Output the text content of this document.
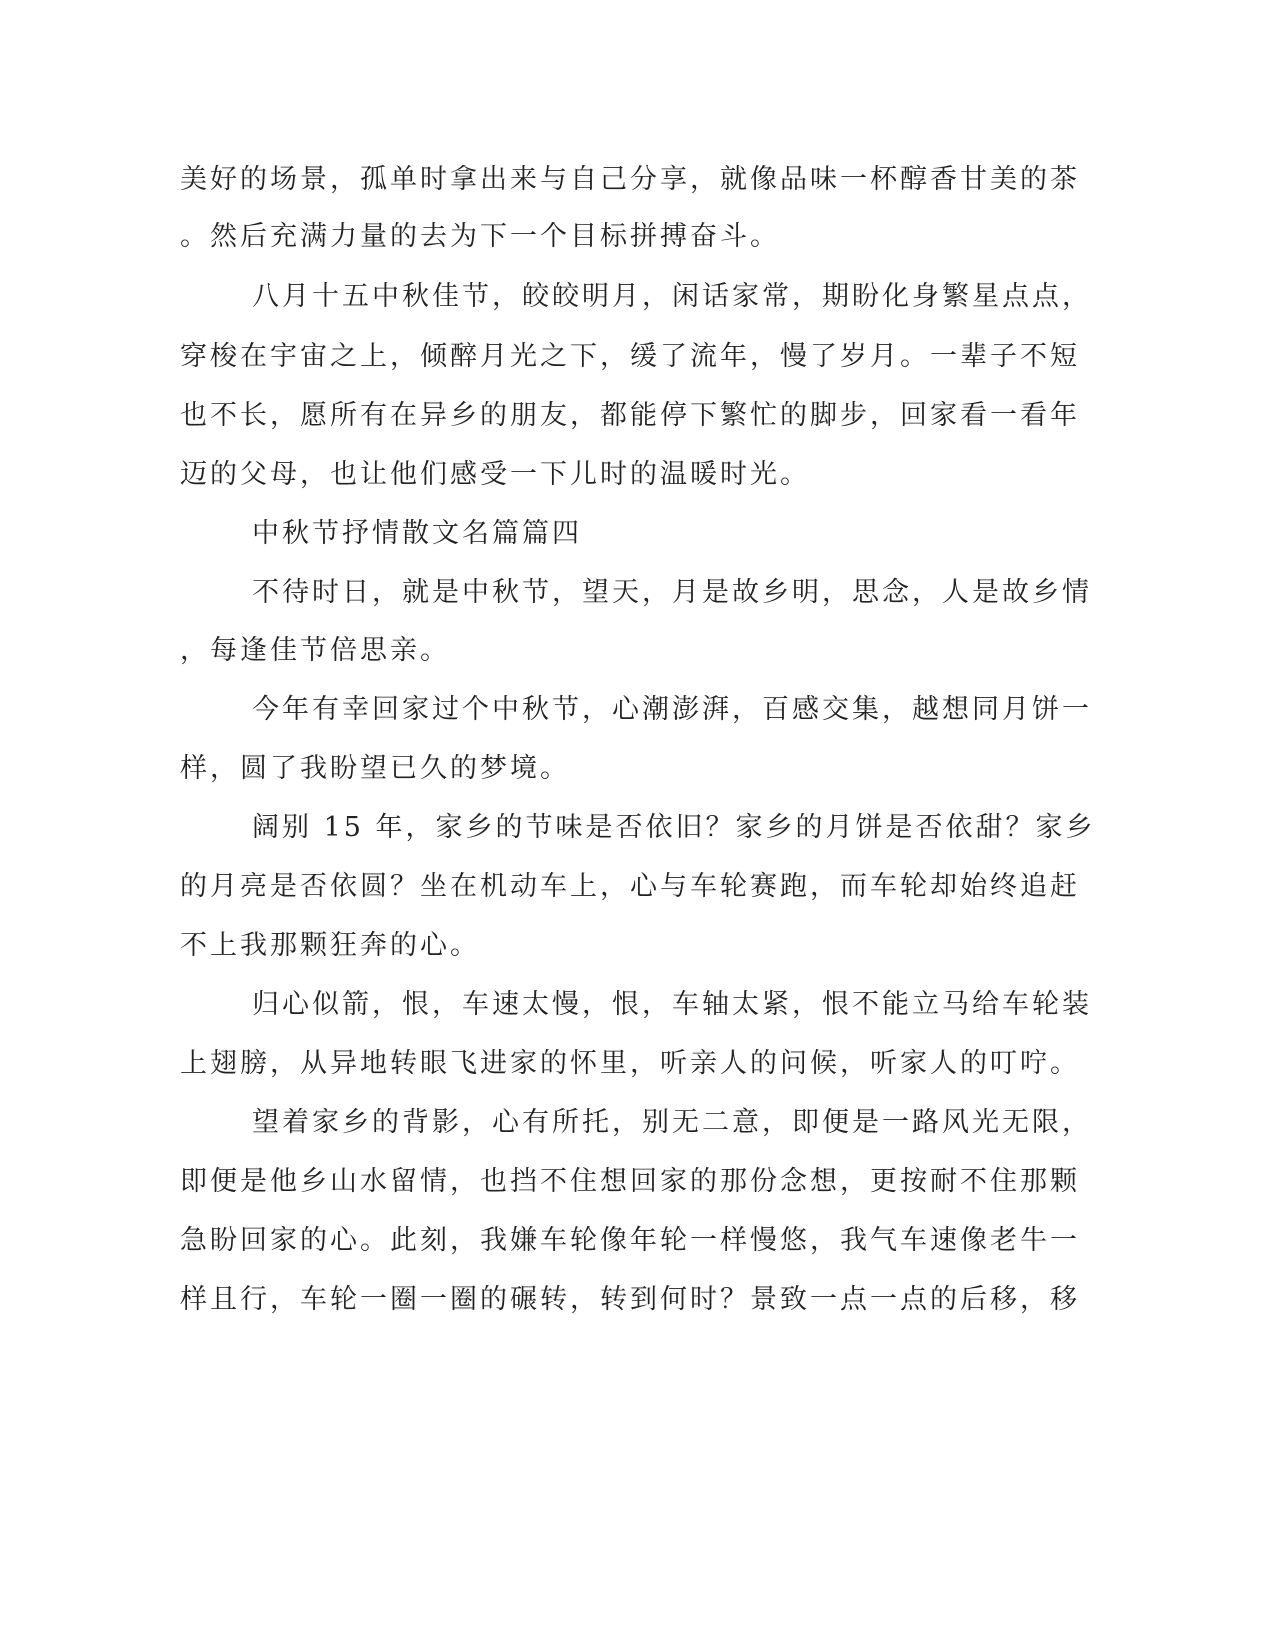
美好的场景，孤单时拿出来与自己分享，就像品味一杯醇香甘美的茶
。然后充满力量的去为下一个目标拼搏奋斗。
八月十五中秋佳节，皎皎明月，闲话家常，期盼化身繁星点点，
穿梭在宇宙之上，倾醉月光之下，缓了流年，慢了岁月。一辈子不短
也不长，愿所有在异乡的朋友，都能停下繁忙的脚步，回家看一看年
迈的父母，也让他们感受一下儿时的温暖时光。
中秋节抒情散文名篇篇四
不待时日，就是中秋节，望天，月是故乡明，思念，人是故乡情
，每逢佳节倍思亲。
今年有幸回家过个中秋节，心潮澎湃，百感交集，越想同月饼一
样，圆了我盼望已久的梦境。
阔别 15 年，家乡的节味是否依旧？家乡的月饼是否依甜？家乡
的月亮是否依圆？坐在机动车上，心与车轮赛跑，而车轮却始终追赶
不上我那颗狂奔的心。
归心似箭，恨，车速太慢，恨，车轴太紧，恨不能立马给车轮装
上翅膀，从异地转眼飞进家的怀里，听亲人的问候，听家人的叮咛。
望着家乡的背影，心有所托，别无二意，即便是一路风光无限，
即便是他乡山水留情，也挡不住想回家的那份念想，更按耐不住那颗
急盼回家的心。此刻，我嫌车轮像年轮一样慢悠，我气车速像老牛一
样且行，车轮一圈一圈的碾转，转到何时？景致一点一点的后移，移
